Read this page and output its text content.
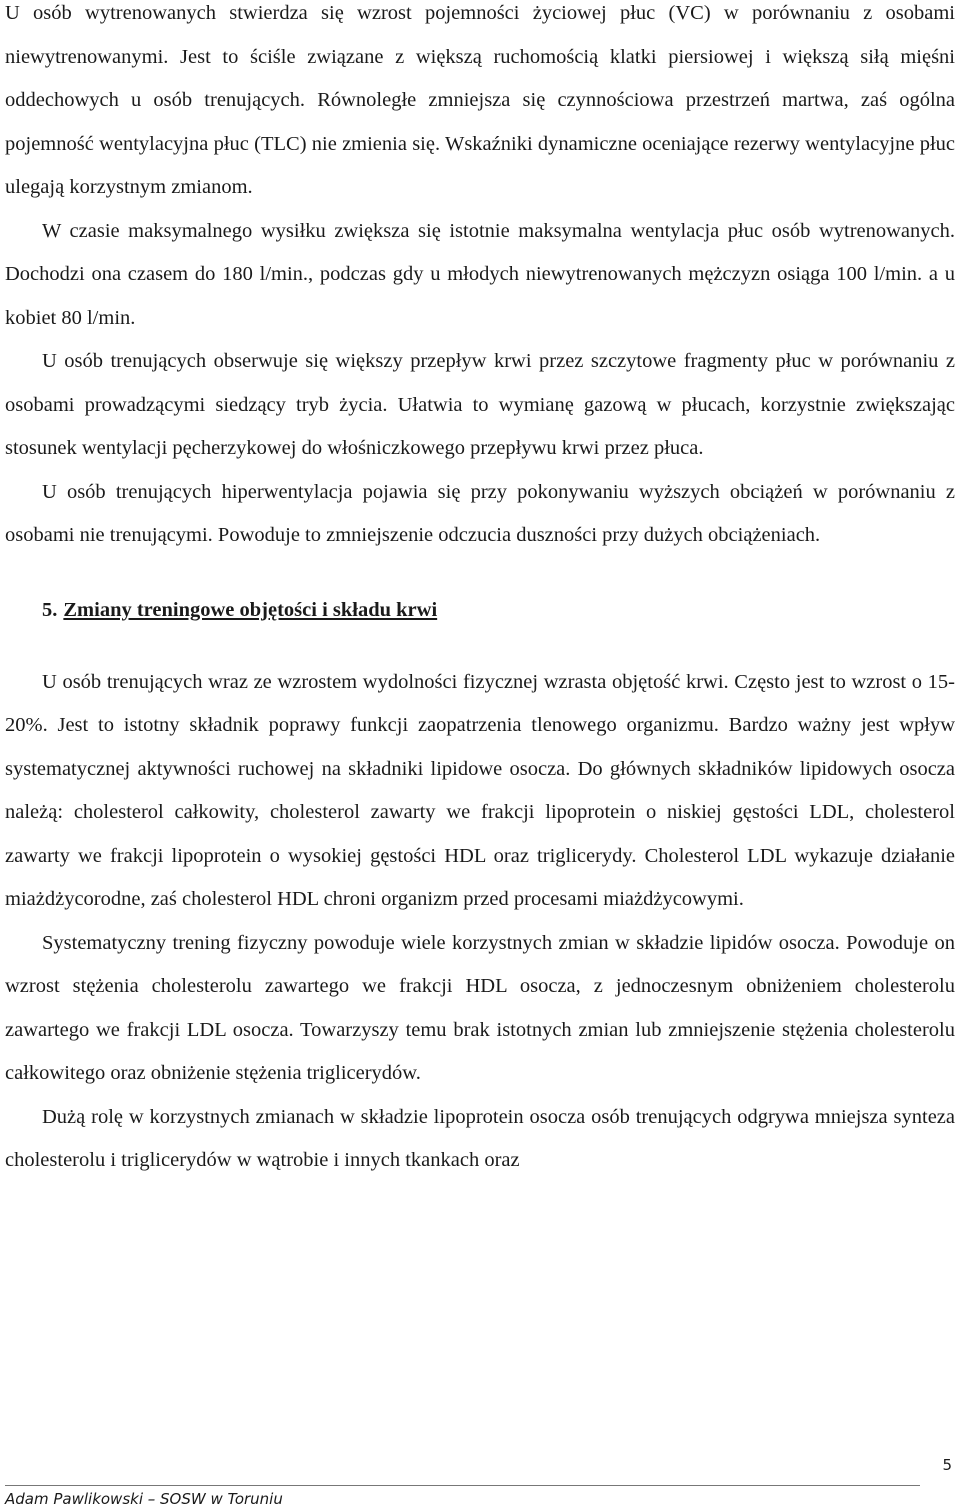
U osób wytrenowanych stwierdza się wzrost pojemności życiowej płuc (VC) w porównaniu z osobami niewytrenowanymi. Jest to ściśle związane z większą ruchomością klatki piersiowej i większą siłą mięśni oddechowych u osób trenujących. Równoległe zmniejsza się czynnościowa przestrzeń martwa, zaś ogólna pojemność wentylacyjna płuc (TLC) nie zmienia się. Wskaźniki dynamiczne oceniające rezerwy wentylacyjne płuc ulegają korzystnym zmianom.

W czasie maksymalnego wysiłku zwiększa się istotnie maksymalna wentylacja płuc osób wytrenowanych. Dochodzi ona czasem do 180 l/min., podczas gdy u młodych niewytrenowanych mężczyzn osiąga 100 l/min. a u kobiet 80 l/min.

U osób trenujących obserwuje się większy przepływ krwi przez szczytowe fragmenty płuc w porównaniu z osobami prowadzącymi siedzący tryb życia. Ułatwia to wymianę gazową w płucach, korzystnie zwiększając stosunek wentylacji pęcherzykowej do włośniczkowego przepływu krwi przez płuca.

U osób trenujących hiperwentylacja pojawia się przy pokonywaniu wyższych obciążeń w porównaniu z osobami nie trenującymi. Powoduje to zmniejszenie odczucia duszności przy dużych obciążeniach.

5. Zmiany treningowe objętości i składu krwi

U osób trenujących wraz ze wzrostem wydolności fizycznej wzrasta objętość krwi. Często jest to wzrost o 15-20%. Jest to istotny składnik poprawy funkcji zaopatrzenia tlenowego organizmu. Bardzo ważny jest wpływ systematycznej aktywności ruchowej na składniki lipidowe osocza. Do głównych składników lipidowych osocza należą: cholesterol całkowity, cholesterol zawarty we frakcji lipoprotein o niskiej gęstości LDL, cholesterol zawarty we frakcji lipoprotein o wysokiej gęstości HDL oraz triglicerydy. Cholesterol LDL wykazuje działanie miażdżycorodne, zaś cholesterol HDL chroni organizm przed procesami miażdżycowymi.

Systematyczny trening fizyczny powoduje wiele korzystnych zmian w składzie lipidów osocza. Powoduje on wzrost stężenia cholesterolu zawartego we frakcji HDL osocza, z jednoczesnym obniżeniem cholesterolu zawartego we frakcji LDL osocza. Towarzyszy temu brak istotnych zmian lub zmniejszenie stężenia cholesterolu całkowitego oraz obniżenie stężenia triglicerydów.

Dużą rolę w korzystnych zmianach w składzie lipoprotein osocza osób trenujących odgrywa mniejsza synteza cholesterolu i triglicerydów w wątrobie i innych tkankach oraz

5
Adam Pawlikowski – SOSW w Toruniu
